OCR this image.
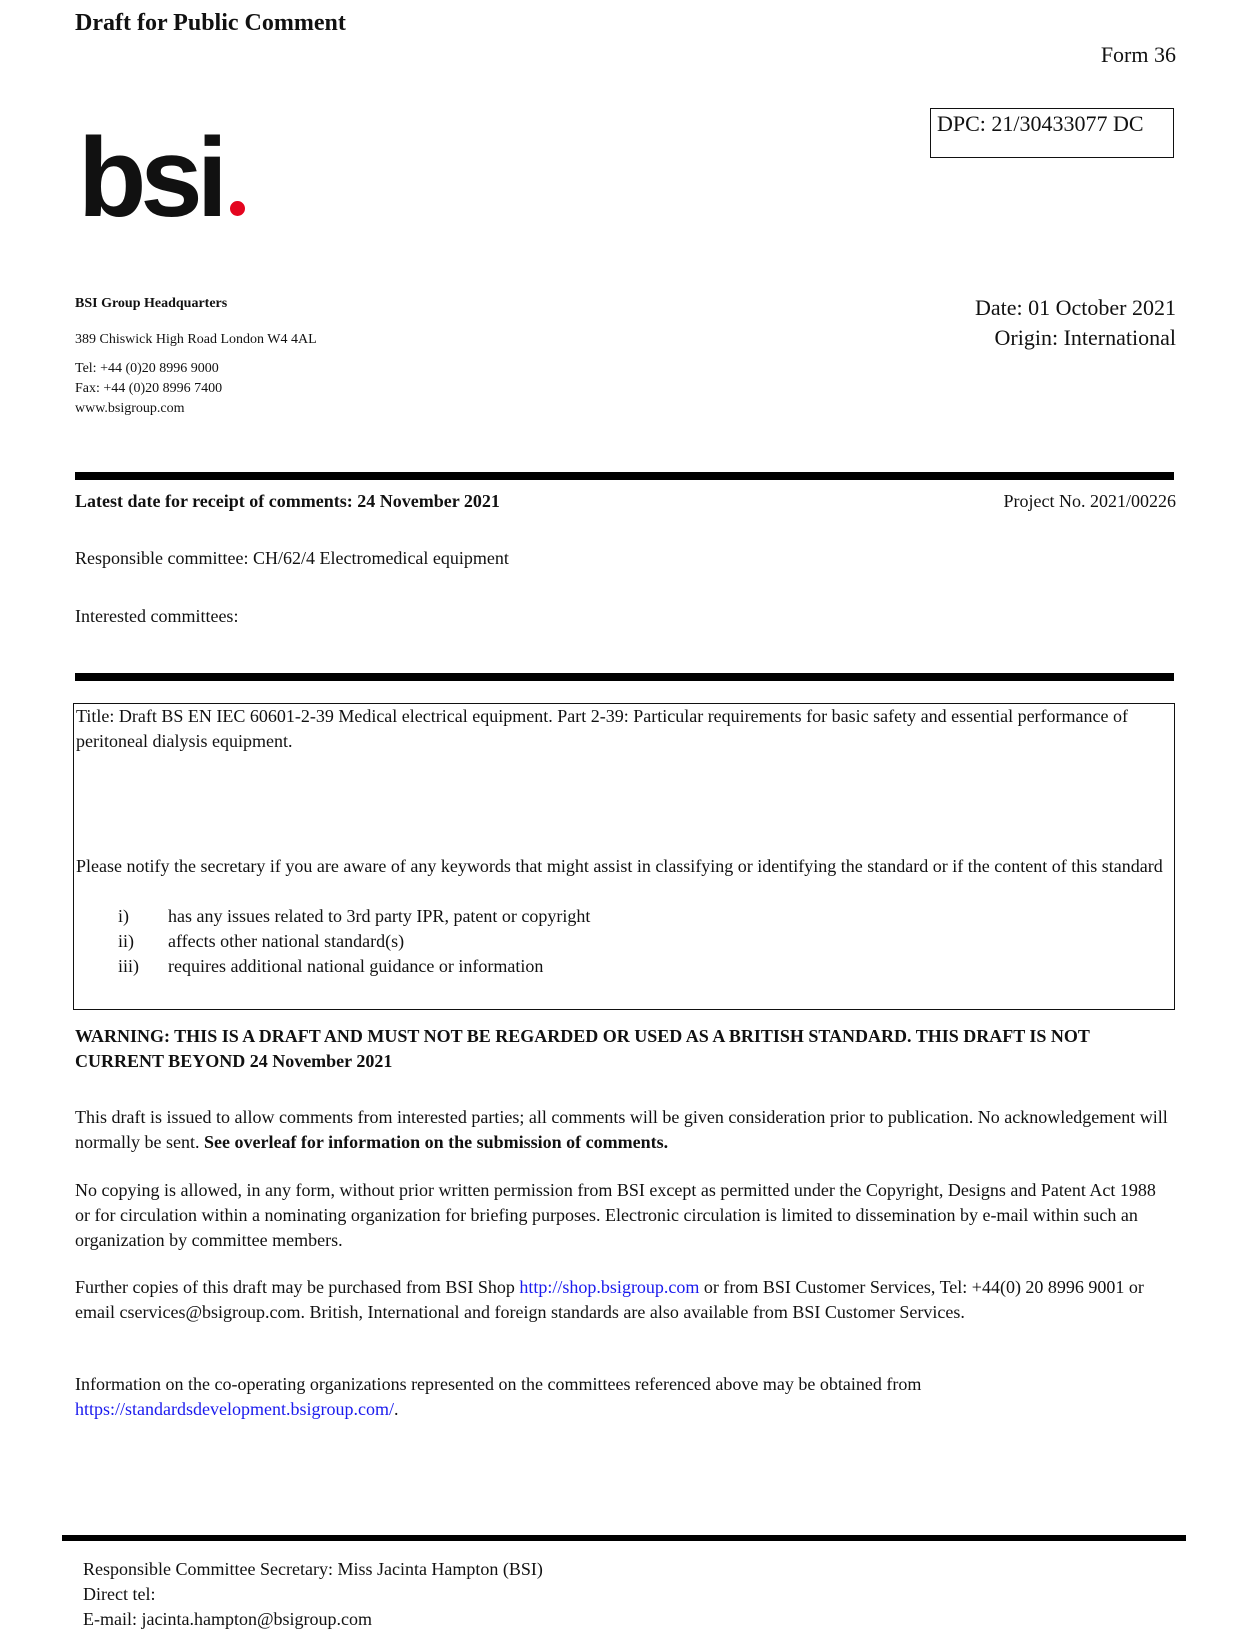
Draft for Public Comment
Form 36
DPC: 21/30433077 DC
bsi
BSI Group Headquarters
389 Chiswick High Road London W4 4AL
Tel: +44 (0)20 8996 9000
Fax: +44 (0)20 8996 7400
www.bsigroup.com
Date: 01 October 2021
Origin: International
Latest date for receipt of comments: 24 November 2021	Project No. 2021/00226
Responsible committee: CH/62/4 Electromedical equipment
Interested committees:
Title: Draft BS EN IEC 60601-2-39 Medical electrical equipment. Part 2-39: Particular requirements for basic safety and essential performance of peritoneal dialysis equipment.
Please notify the secretary if you are aware of any keywords that might assist in classifying or identifying the standard or if the content of this standard
i) has any issues related to 3rd party IPR, patent or copyright
ii) affects other national standard(s)
iii) requires additional national guidance or information
WARNING: THIS IS A DRAFT AND MUST NOT BE REGARDED OR USED AS A BRITISH STANDARD. THIS DRAFT IS NOT CURRENT BEYOND 24 November 2021
This draft is issued to allow comments from interested parties; all comments will be given consideration prior to publication. No acknowledgement will normally be sent. See overleaf for information on the submission of comments.
No copying is allowed, in any form, without prior written permission from BSI except as permitted under the Copyright, Designs and Patent Act 1988 or for circulation within a nominating organization for briefing purposes. Electronic circulation is limited to dissemination by e-mail within such an organization by committee members.
Further copies of this draft may be purchased from BSI Shop http://shop.bsigroup.com or from BSI Customer Services, Tel: +44(0) 20 8996 9001 or email cservices@bsigroup.com. British, International and foreign standards are also available from BSI Customer Services.
Information on the co-operating organizations represented on the committees referenced above may be obtained from https://standardsdevelopment.bsigroup.com/.
Responsible Committee Secretary: Miss Jacinta Hampton (BSI)
Direct tel:
E-mail: jacinta.hampton@bsigroup.com
